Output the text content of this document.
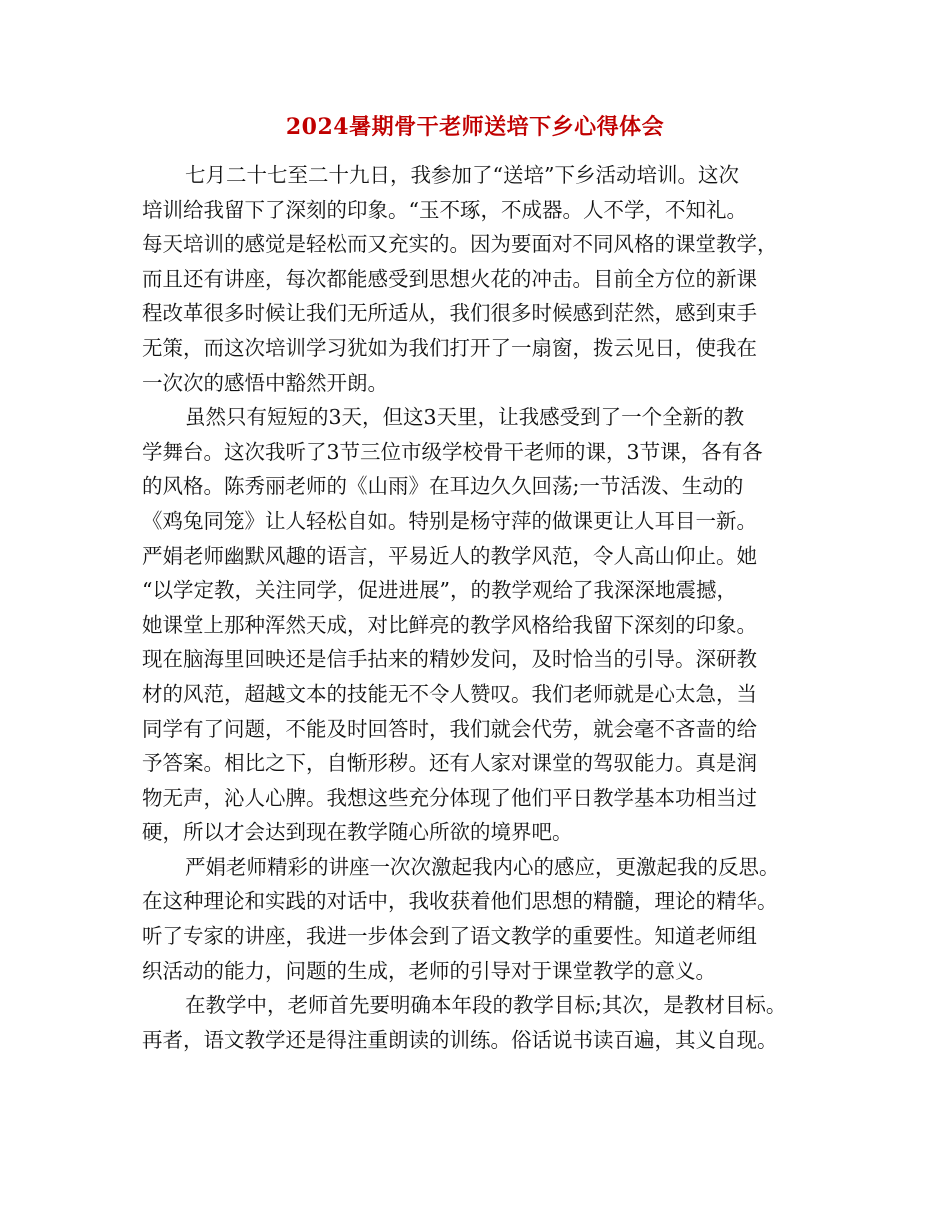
2024暑期骨干老师送培下乡心得体会
七月二十七至二十九日，我参加了“送培”下乡活动培训。这次
培训给我留下了深刻的印象。“玉不琢，不成器。人不学，不知礼。
每天培训的感觉是轻松而又充实的。因为要面对不同风格的课堂教学，
而且还有讲座，每次都能感受到思想火花的冲击。目前全方位的新课
程改革很多时候让我们无所适从，我们很多时候感到茫然，感到束手
无策，而这次培训学习犹如为我们打开了一扇窗，拨云见日，使我在
一次次的感悟中豁然开朗。
虽然只有短短的3天，但这3天里，让我感受到了一个全新的教
学舞台。这次我听了3节三位市级学校骨干老师的课，3节课，各有各
的风格。陈秀丽老师的《山雨》在耳边久久回荡;一节活泼、生动的
《鸡兔同笼》让人轻松自如。特别是杨守萍的做课更让人耳目一新。
严娟老师幽默风趣的语言，平易近人的教学风范，令人高山仰止。她
“以学定教，关注同学，促进进展”，的教学观给了我深深地震撼，
她课堂上那种浑然天成，对比鲜亮的教学风格给我留下深刻的印象。
现在脑海里回映还是信手拈来的精妙发问，及时恰当的引导。深研教
材的风范，超越文本的技能无不令人赞叹。我们老师就是心太急，当
同学有了问题，不能及时回答时，我们就会代劳，就会毫不吝啬的给
予答案。相比之下，自惭形秽。还有人家对课堂的驾驭能力。真是润
物无声，沁人心脾。我想这些充分体现了他们平日教学基本功相当过
硬，所以才会达到现在教学随心所欲的境界吧。
严娟老师精彩的讲座一次次激起我内心的感应，更激起我的反思。
在这种理论和实践的对话中，我收获着他们思想的精髓，理论的精华。
听了专家的讲座，我进一步体会到了语文教学的重要性。知道老师组
织活动的能力，问题的生成，老师的引导对于课堂教学的意义。
在教学中，老师首先要明确本年段的教学目标;其次，是教材目标。
再者，语文教学还是得注重朗读的训练。俗话说书读百遍，其义自现。
